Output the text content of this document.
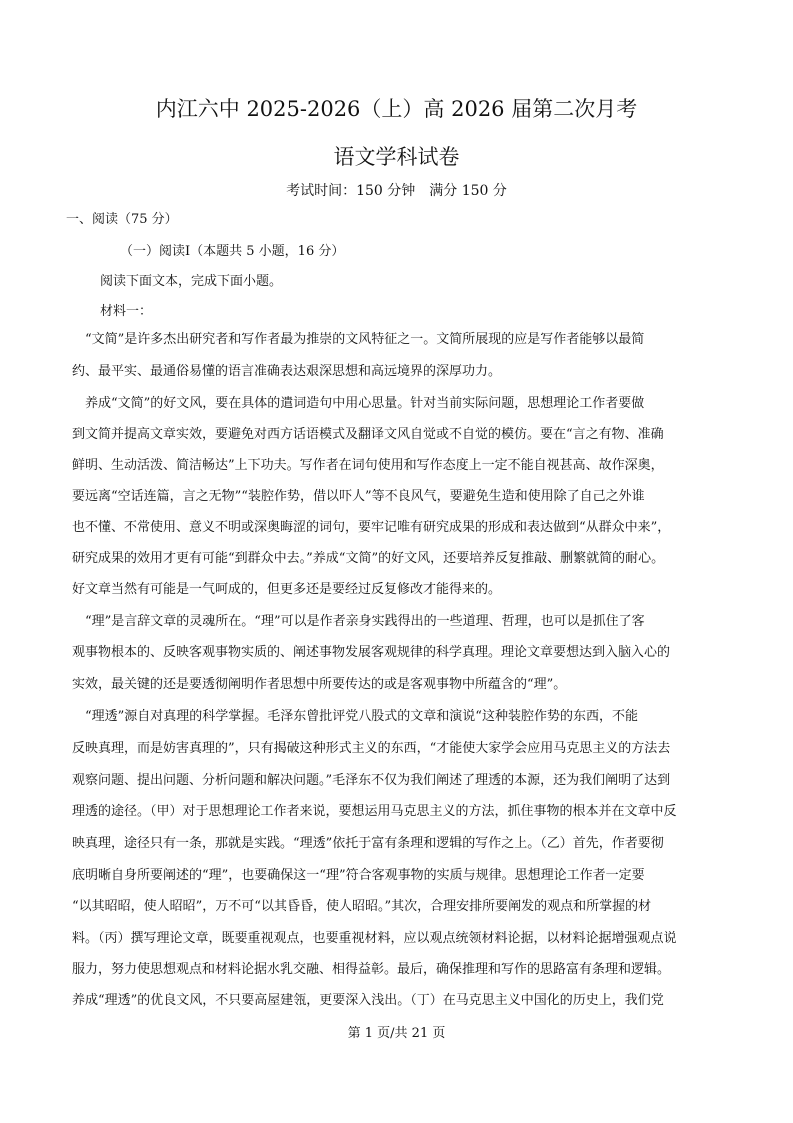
内江六中 2025-2026（上）高 2026 届第二次月考
语文学科试卷
考试时间：150 分钟　满分 150 分
一、阅读（75 分）
（一）阅读Ⅰ（本题共 5 小题，16 分）
阅读下面文本，完成下面小题。
材料一：
　“文简”是许多杰出研究者和写作者最为推崇的文风特征之一。文简所展现的应是写作者能够以最简
约、最平实、最通俗易懂的语言准确表达艰深思想和高远境界的深厚功力。
　养成“文简”的好文风，要在具体的遣词造句中用心思量。针对当前实际问题，思想理论工作者要做
到文简并提高文章实效，要避免对西方话语模式及翻译文风自觉或不自觉的模仿。要在“言之有物、准确
鲜明、生动活泼、简洁畅达”上下功夫。写作者在词句使用和写作态度上一定不能自视甚高、故作深奥，
要远离“空话连篇，言之无物”“装腔作势，借以吓人”等不良风气，要避免生造和使用除了自己之外谁
也不懂、不常使用、意义不明或深奥晦涩的词句，要牢记唯有研究成果的形成和表达做到“从群众中来”，
研究成果的效用才更有可能“到群众中去。”养成“文简”的好文风，还要培养反复推敲、删繁就简的耐心。
好文章当然有可能是一气呵成的，但更多还是要经过反复修改才能得来的。
　“理”是言辞文章的灵魂所在。“理”可以是作者亲身实践得出的一些道理、哲理，也可以是抓住了客
观事物根本的、反映客观事物实质的、阐述事物发展客观规律的科学真理。理论文章要想达到入脑入心的
实效，最关键的还是要透彻阐明作者思想中所要传达的或是客观事物中所蕴含的“理”。
　“理透”源自对真理的科学掌握。毛泽东曾批评党八股式的文章和演说“这种装腔作势的东西，不能
反映真理，而是妨害真理的”，只有揭破这种形式主义的东西，“才能使大家学会应用马克思主义的方法去
观察问题、提出问题、分析问题和解决问题。”毛泽东不仅为我们阐述了理透的本源，还为我们阐明了达到
理透的途径。（甲）对于思想理论工作者来说，要想运用马克思主义的方法，抓住事物的根本并在文章中反
映真理，途径只有一条，那就是实践。“理透”依托于富有条理和逻辑的写作之上。（乙）首先，作者要彻
底明晰自身所要阐述的“理”，也要确保这一“理”符合客观事物的实质与规律。思想理论工作者一定要
“以其昭昭，使人昭昭”，万不可“以其昏昏，使人昭昭。”其次，合理安排所要阐发的观点和所掌握的材
料。（丙）撰写理论文章，既要重视观点，也要重视材料，应以观点统领材料论据，以材料论据增强观点说
服力，努力使思想观点和材料论据水乳交融、相得益彰。最后，确保推理和写作的思路富有条理和逻辑。
养成“理透”的优良文风，不只要高屋建瓴，更要深入浅出。（丁）在马克思主义中国化的历史上，我们党
第 1 页/共 21 页
